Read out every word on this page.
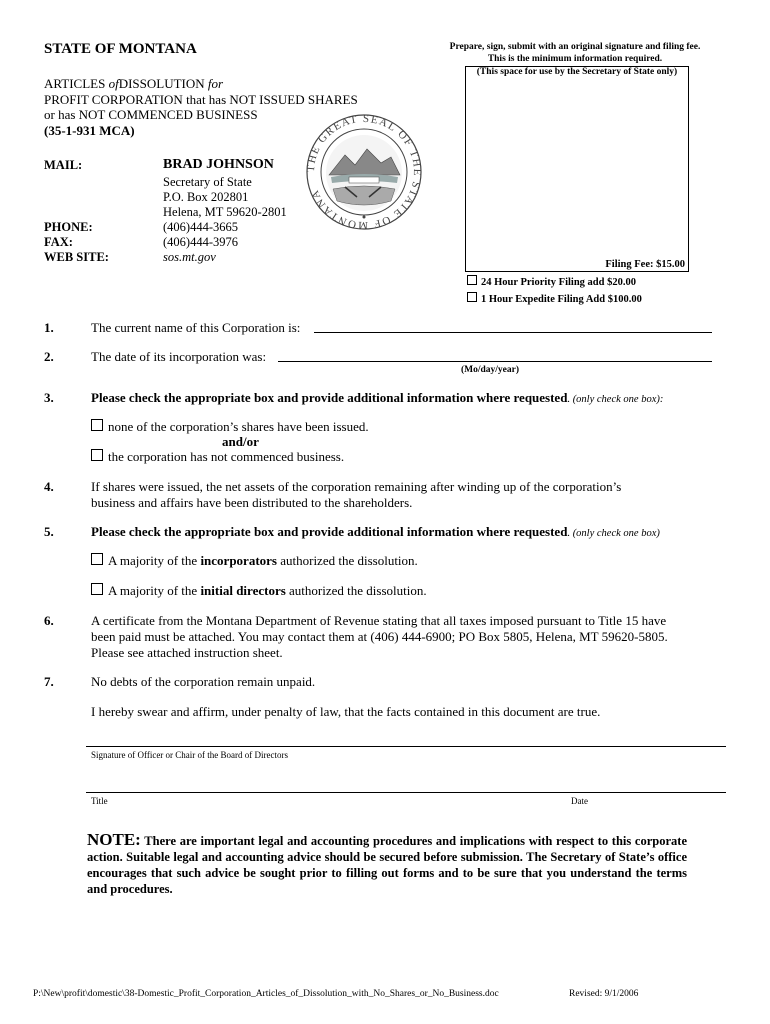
STATE OF MONTANA	Prepare, sign, submit with an original signature and filing fee.
This is the minimum information required.
(This space for use by the Secretary of State only)
Filing Fee: $15.00
24 Hour Priority Filing add $20.00
1 Hour Expedite Filing Add $100.00
ARTICLES ofDISSOLUTION for
PROFIT CORPORATION that has NOT ISSUED SHARES
or has NOT COMMENCED BUSINESS
(35-1-931 MCA)
THE GREAT SEAL OF THE STATE OF MONTANA
MAIL:	BRAD JOHNSON
Secretary of State
P.O. Box 202801
Helena, MT 59620-2801
PHONE:	(406)444-3665
FAX:	(406)444-3976
WEB SITE:	sos.mt.gov
1.	The current name of this Corporation is:
2.	The date of its incorporation was:
(Mo/day/year)
3.	Please check the appropriate box and provide additional information where requested. (only check one box):
none of the corporation’s shares have been issued.
and/or
the corporation has not commenced business.
4.	If shares were issued, the net assets of the corporation remaining after winding up of the corporation’s business and affairs have been distributed to the shareholders.
5.	Please check the appropriate box and provide additional information where requested. (only check one box)
A majority of the incorporators authorized the dissolution.
A majority of the initial directors authorized the dissolution.
6.	A certificate from the Montana Department of Revenue stating that all taxes imposed pursuant to Title 15 have been paid must be attached. You may contact them at (406) 444-6900; PO Box 5805, Helena, MT 59620-5805. Please see attached instruction sheet.
7.	No debts of the corporation remain unpaid.
I hereby swear and affirm, under penalty of law, that the facts contained in this document are true.
Signature of Officer or Chair of the Board of Directors
Title	Date
NOTE: There are important legal and accounting procedures and implications with respect to this corporate action. Suitable legal and accounting advice should be secured before submission. The Secretary of State’s office encourages that such advice be sought prior to filling out forms and to be sure that you understand the terms and procedures.
P:\New\profit\domestic\38-Domestic_Profit_Corporation_Articles_of_Dissolution_with_No_Shares_or_No_Business.doc	Revised: 9/1/2006
